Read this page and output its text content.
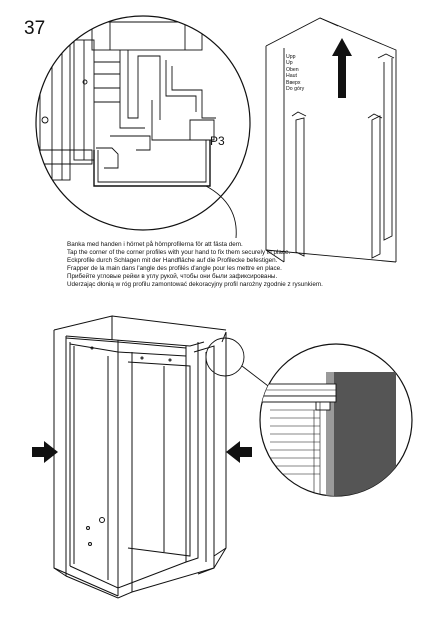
37
P3
Upp
Up
Oben
Haut
Вверх
Do góry
Banka med handen i hörnet på hörnprofilerna för att fästa dem.
Tap the corner of the corner profiles with your hand to fix them securely in place.
Eckprofile durch Schlagen mit der Handfläche auf die Profilecke befestigen.
Frapper de la main dans l'angle des profilés d'angle pour les mettre en place.
Прибейте угловые рейки в углу рукой, чтобы они были зафиксированы.
Uderzając dłonią w róg profilu zamontować dekoracyjny profil narożny zgodnie z rysunkiem.
